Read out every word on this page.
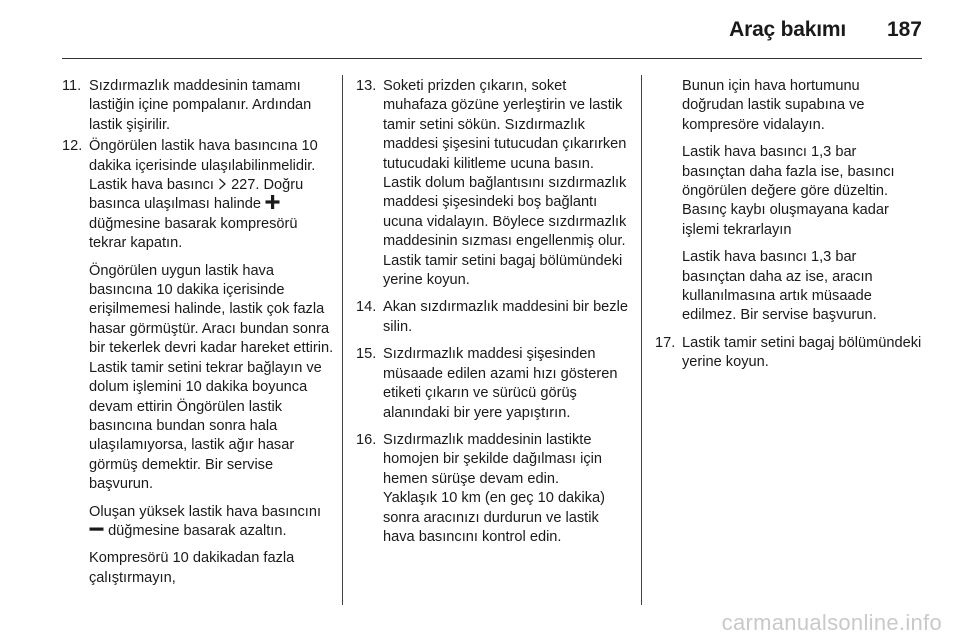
Araç bakımı 187
11. Sızdırmazlık maddesinin tamamı lastiğin içine pompalanır. Ardından lastik şişirilir.
12. Öngörülen lastik hava basıncına 10 dakika içerisinde ulaşılabilinmelidir. Lastik hava basıncı 227. Doğru basınca ulaşılması halinde  düğmesine basarak kompresörü tekrar kapatın.
Öngörülen uygun lastik hava basıncına 10 dakika içerisinde erişilmemesi halinde, lastik çok fazla hasar görmüştür. Aracı bundan sonra bir tekerlek devri kadar hareket ettirin. Lastik tamir setini tekrar bağlayın ve dolum işlemini 10 dakika boyunca devam ettirin Öngörülen lastik basıncına bundan sonra hala ulaşılamıyorsa, lastik ağır hasar görmüş demektir. Bir servise başvurun.
Oluşan yüksek lastik hava basıncını  düğmesine basarak azaltın.
Kompresörü 10 dakikadan fazla çalıştırmayın,
13. Soketi prizden çıkarın, soket muhafaza gözüne yerleştirin ve lastik tamir setini sökün. Sızdırmazlık maddesi şişesini tutucudan çıkarırken tutucudaki kilitleme ucuna basın. Lastik dolum bağlantısını sızdırmazlık maddesi şişesindeki boş bağlantı ucuna vidalayın. Böylece sızdırmazlık maddesinin sızması engellenmiş olur. Lastik tamir setini bagaj bölümündeki yerine koyun.
14. Akan sızdırmazlık maddesini bir bezle silin.
15. Sızdırmazlık maddesi şişesinden müsaade edilen azami hızı gösteren etiketi çıkarın ve sürücü görüş alanındaki bir yere yapıştırın.
16. Sızdırmazlık maddesinin lastikte homojen bir şekilde dağılması için hemen sürüşe devam edin.
Yaklaşık 10 km (en geç 10 dakika) sonra aracınızı durdurun ve lastik hava basıncını kontrol edin.
Bunun için hava hortumunu doğrudan lastik supabına ve kompresöre vidalayın.
Lastik hava basıncı 1,3 bar basınçtan daha fazla ise, basıncı öngörülen değere göre düzeltin. Basınç kaybı oluşmayana kadar işlemi tekrarlayın
Lastik hava basıncı 1,3 bar basınçtan daha az ise, aracın kullanılmasına artık müsaade edilmez. Bir servise başvurun.
17. Lastik tamir setini bagaj bölümündeki yerine koyun.
carmanualsonline.info
